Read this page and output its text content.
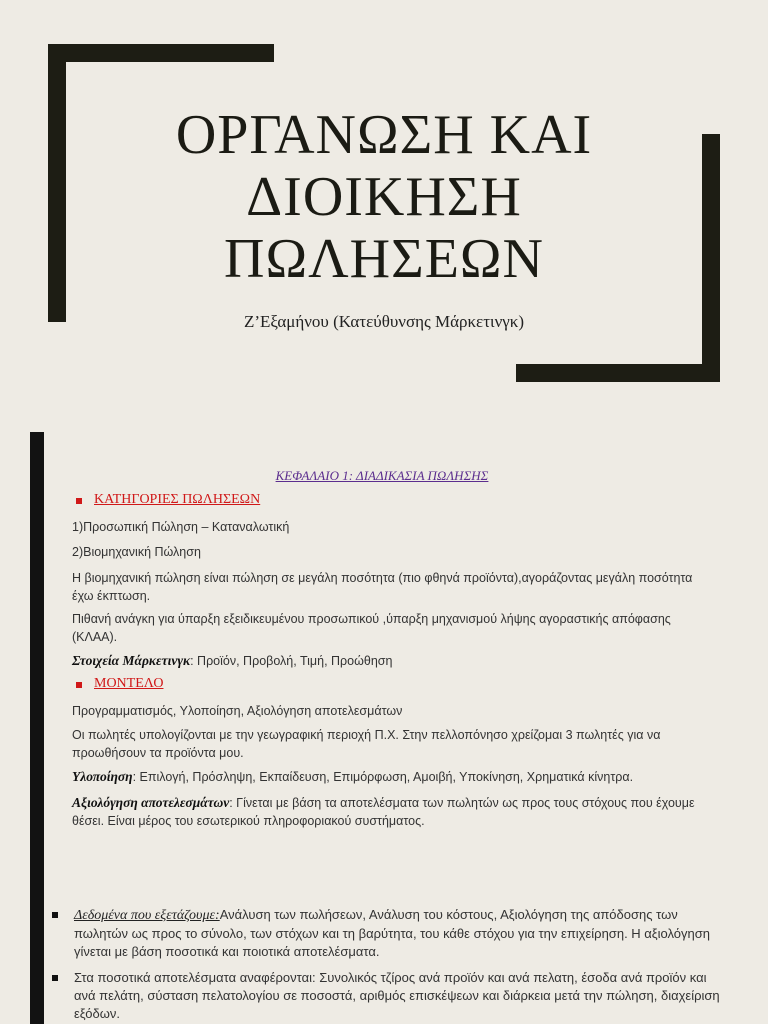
ΟΡΓΑΝΩΣΗ ΚΑΙ
ΔΙΟΙΚΗΣΗ
ΠΩΛΗΣΕΩΝ
Ζ’Εξαμήνου (Κατεύθυνσης Μάρκετινγκ)
ΚΕΦΑΛΑΙΟ 1: ΔΙΑΔΙΚΑΣΙΑ ΠΩΛΗΣΗΣ
ΚΑΤΗΓΟΡΙΕΣ ΠΩΛΗΣΕΩΝ
1)Προσωπική Πώληση – Καταναλωτική
2)Βιομηχανική Πώληση
Η βιομηχανική πώληση είναι πώληση σε μεγάλη ποσότητα (πιο φθηνά προϊόντα),αγοράζοντας μεγάλη ποσότητα έχω έκπτωση.
Πιθανή ανάγκη για ύπαρξη εξειδικευμένου προσωπικού ,ύπαρξη μηχανισμού λήψης αγοραστικής απόφασης (ΚΛΑΑ).
Στοιχεία Μάρκετινγκ: Προϊόν, Προβολή, Τιμή, Προώθηση
ΜΟΝΤΕΛΟ
Προγραμματισμός, Υλοποίηση, Αξιολόγηση αποτελεσμάτων
Οι πωλητές υπολογίζονται με την γεωγραφική περιοχή Π.Χ. Στην πελλοπόνησο χρείζομαι 3 πωλητές για να προωθήσουν τα προϊόντα μου.
Υλοποίηση: Επιλογή, Πρόσληψη, Εκπαίδευση, Επιμόρφωση, Αμοιβή, Υποκίνηση, Χρηματικά κίνητρα.
Αξιολόγηση αποτελεσμάτων: Γίνεται με βάση τα αποτελέσματα των πωλητών ως προς τους στόχους που έχουμε θέσει. Είναι μέρος του εσωτερικού πληροφοριακού συστήματος.
Δεδομένα που εξετάζουμε:Ανάλυση των πωλήσεων, Ανάλυση του κόστους, Αξιολόγηση της απόδοσης των πωλητών ως προς το σύνολο, των στόχων και τη βαρύτητα, του κάθε στόχου για την επιχείρηση. Η αξιολόγηση γίνεται με βάση ποσοτικά και ποιοτικά αποτελέσματα.
Στα ποσοτικά αποτελέσματα αναφέρονται: Συνολικός τζίρος ανά προϊόν και ανά πελατη, έσοδα ανά προϊόν και ανά πελάτη, σύσταση πελατολογίου σε ποσοστά, αριθμός επισκέψεων και διάρκεια μετά την πώληση, διαχείριση εξόδων.
